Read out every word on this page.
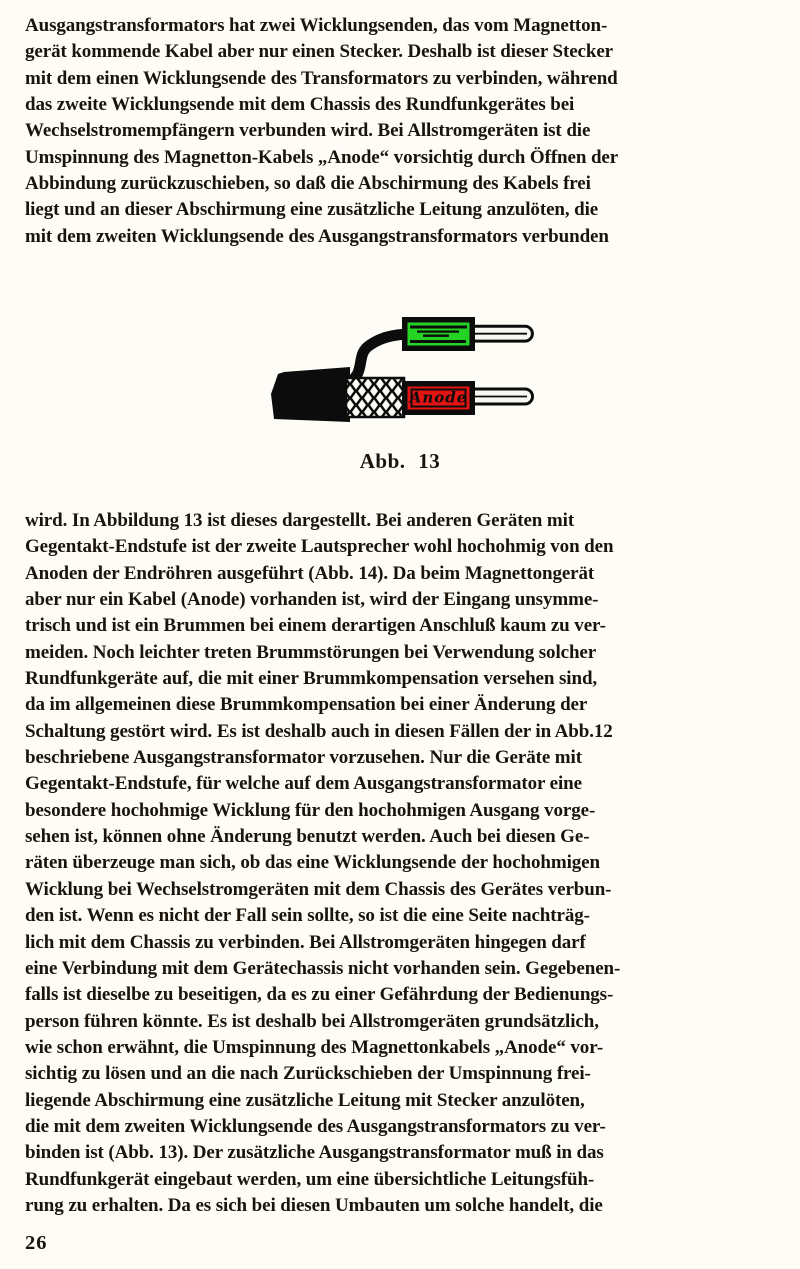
Ausgangstransformators hat zwei Wicklungsenden, das vom Magnetton-
gerät kommende Kabel aber nur einen Stecker. Deshalb ist dieser Stecker
mit dem einen Wicklungsende des Transformators zu verbinden, während
das zweite Wicklungsende mit dem Chassis des Rundfunkgerätes bei
Wechselstromempfängern verbunden wird. Bei Allstromgeräten ist die
Umspinnung des Magnetton-Kabels „Anode“ vorsichtig durch Öffnen der
Abbindung zurückzuschieben, so daß die Abschirmung des Kabels frei
liegt und an dieser Abschirmung eine zusätzliche Leitung anzulöten, die
mit dem zweiten Wicklungsende des Ausgangstransformators verbunden
Anode
Abb. 13
wird. In Abbildung 13 ist dieses dargestellt. Bei anderen Geräten mit
Gegentakt-Endstufe ist der zweite Lautsprecher wohl hochohmig von den
Anoden der Endröhren ausgeführt (Abb. 14). Da beim Magnettongerät
aber nur ein Kabel (Anode) vorhanden ist, wird der Eingang unsymme-
trisch und ist ein Brummen bei einem derartigen Anschluß kaum zu ver-
meiden. Noch leichter treten Brummstörungen bei Verwendung solcher
Rundfunkgeräte auf, die mit einer Brummkompensation versehen sind,
da im allgemeinen diese Brummkompensation bei einer Änderung der
Schaltung gestört wird. Es ist deshalb auch in diesen Fällen der in Abb.12
beschriebene Ausgangstransformator vorzusehen. Nur die Geräte mit
Gegentakt-Endstufe, für welche auf dem Ausgangstransformator eine
besondere hochohmige Wicklung für den hochohmigen Ausgang vorge-
sehen ist, können ohne Änderung benutzt werden. Auch bei diesen Ge-
räten überzeuge man sich, ob das eine Wicklungsende der hochohmigen
Wicklung bei Wechselstromgeräten mit dem Chassis des Gerätes verbun-
den ist. Wenn es nicht der Fall sein sollte, so ist die eine Seite nachträg-
lich mit dem Chassis zu verbinden. Bei Allstromgeräten hingegen darf
eine Verbindung mit dem Gerätechassis nicht vorhanden sein. Gegebenen-
falls ist dieselbe zu beseitigen, da es zu einer Gefährdung der Bedienungs-
person führen könnte. Es ist deshalb bei Allstromgeräten grundsätzlich,
wie schon erwähnt, die Umspinnung des Magnettonkabels „Anode“ vor-
sichtig zu lösen und an die nach Zurückschieben der Umspinnung frei-
liegende Abschirmung eine zusätzliche Leitung mit Stecker anzulöten,
die mit dem zweiten Wicklungsende des Ausgangstransformators zu ver-
binden ist (Abb. 13). Der zusätzliche Ausgangstransformator muß in das
Rundfunkgerät eingebaut werden, um eine übersichtliche Leitungsfüh-
rung zu erhalten. Da es sich bei diesen Umbauten um solche handelt, die
26
